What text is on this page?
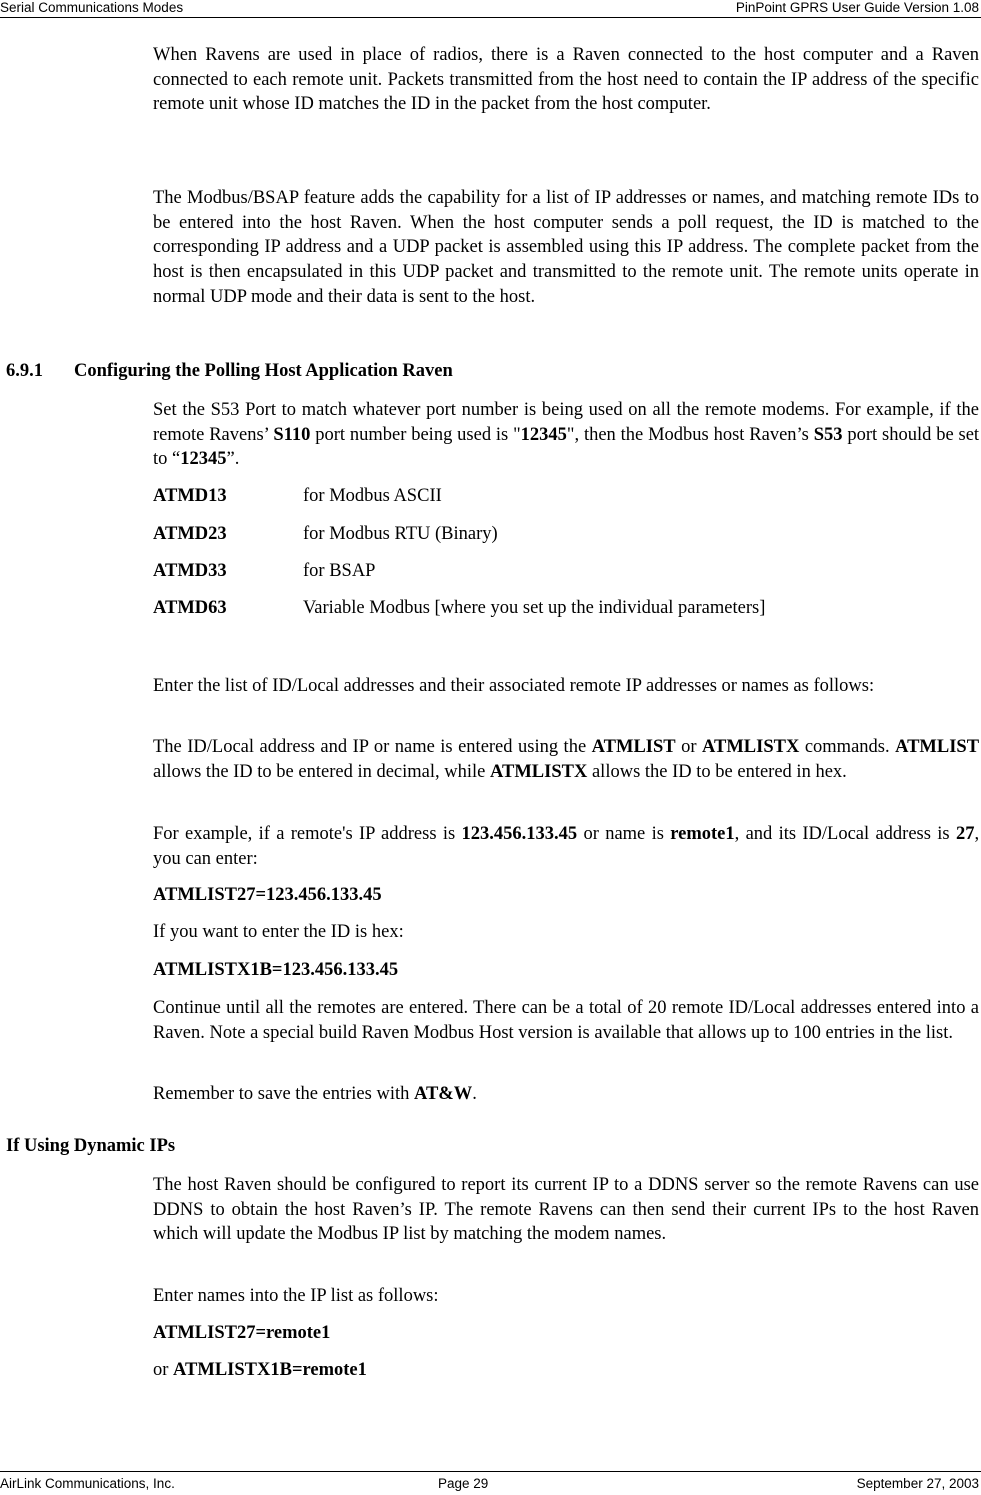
Serial Communications Modes	PinPoint GPRS User Guide Version 1.08

When Ravens are used in place of radios, there is a Raven connected to the host computer and a Raven connected to each remote unit. Packets transmitted from the host need to contain the IP address of the specific remote unit whose ID matches the ID in the packet from the host computer.

The Modbus/BSAP feature adds the capability for a list of IP addresses or names, and matching remote IDs to be entered into the host Raven. When the host computer sends a poll request, the ID is matched to the corresponding IP address and a UDP packet is assembled using this IP address. The complete packet from the host is then encapsulated in this UDP packet and transmitted to the remote unit. The remote units operate in normal UDP mode and their data is sent to the host.

6.9.1 Configuring the Polling Host Application Raven

Set the S53 Port to match whatever port number is being used on all the remote modems. For example, if the remote Ravens’ S110 port number being used is "12345", then the Modbus host Raven’s S53 port should be set to “12345”.

ATMD13	for Modbus ASCII
ATMD23	for Modbus RTU (Binary)
ATMD33	for BSAP
ATMD63	Variable Modbus [where you set up the individual parameters]

Enter the list of ID/Local addresses and their associated remote IP addresses or names as follows:

The ID/Local address and IP or name is entered using the ATMLIST or ATMLISTX commands. ATMLIST allows the ID to be entered in decimal, while ATMLISTX allows the ID to be entered in hex.

For example, if a remote's IP address is 123.456.133.45 or name is remote1, and its ID/Local address is 27, you can enter:

ATMLIST27=123.456.133.45
If you want to enter the ID is hex:
ATMLISTX1B=123.456.133.45

Continue until all the remotes are entered. There can be a total of 20 remote ID/Local addresses entered into a Raven. Note a special build Raven Modbus Host version is available that allows up to 100 entries in the list.

Remember to save the entries with AT&W.
If Using Dynamic IPs

The host Raven should be configured to report its current IP to a DDNS server so the remote Ravens can use DDNS to obtain the host Raven’s IP. The remote Ravens can then send their current IPs to the host Raven which will update the Modbus IP list by matching the modem names.

Enter names into the IP list as follows:
ATMLIST27=remote1
or ATMLISTX1B=remote1
AirLink Communications, Inc.	Page 29	September 27, 2003
